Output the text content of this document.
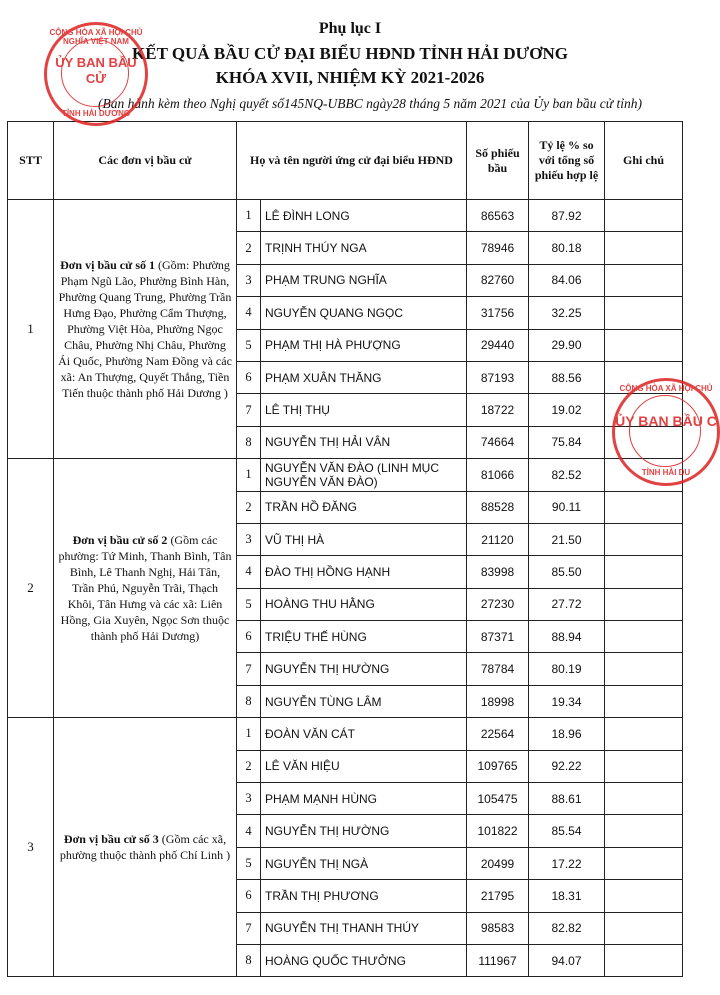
Phụ lục I
KẾT QUẢ BẦU CỬ ĐẠI BIỂU HĐND TỈNH HẢI DƯƠNG
KHÓA XVII, NHIỆM KỲ 2021-2026
(Ban hành kèm theo Nghị quyết số145NQ-UBBC ngày28 tháng 5 năm 2021 của Ủy ban bầu cử tỉnh)
STT	Các đơn vị bầu cử	Họ và tên người ứng cử đại biểu HĐND		Số phiếu bầu	Tỷ lệ % so với tổng số phiếu hợp lệ	Ghi chú
1	Đơn vị bầu cử số 1 (Gồm: Phường Phạm Ngũ Lão, Phường Bình Hàn, Phường Quang Trung, Phường Trần Hưng Đạo, Phường Cẩm Thượng, Phường Việt Hòa, Phường Ngọc Châu, Phường Nhị Châu, Phường Ái Quốc, Phường Nam Đồng và các xã: An Thượng, Quyết Thắng, Tiền Tiến thuộc thành phố Hải Dương )	1	LÊ ĐÌNH LONG	86563	87.92	
		2	TRỊNH THÚY NGA	78946	80.18	
		3	PHẠM TRUNG NGHĨA	82760	84.06	
		4	NGUYỄN QUANG NGỌC	31756	32.25	
		5	PHẠM THỊ HÀ PHƯỢNG	29440	29.90	
		6	PHẠM XUÂN THĂNG	87193	88.56	
		7	LÊ THỊ THỤ	18722	19.02	
		8	NGUYỄN THỊ HẢI VÂN	74664	75.84	
2	Đơn vị bầu cử số 2 (Gồm các phường: Tứ Minh, Thanh Bình, Tân Bình, Lê Thanh Nghị, Hải Tân, Trần Phú, Nguyễn Trãi, Thạch Khôi, Tân Hưng và các xã: Liên Hồng, Gia Xuyên, Ngọc Sơn thuộc thành phố Hải Dương)	1	NGUYỄN VĂN ĐÀO (LINH MỤC NGUYỄN VĂN ĐÀO)	81066	82.52	
		2	TRẦN HỒ ĐĂNG	88528	90.11	
		3	VŨ THỊ HÀ	21120	21.50	
		4	ĐÀO THỊ HỒNG HẠNH	83998	85.50	
		5	HOÀNG THU HẰNG	27230	27.72	
		6	TRIỆU THẾ HÙNG	87371	88.94	
		7	NGUYỄN THỊ HƯỜNG	78784	80.19	
		8	NGUYỄN TÙNG LÂM	18998	19.34	
3	Đơn vị bầu cử số 3 (Gồm các xã, phường thuộc thành phố Chí Linh )	1	ĐOÀN VĂN CÁT	22564	18.96	
		2	LÊ VĂN HIỆU	109765	92.22	
		3	PHẠM MẠNH HÙNG	105475	88.61	
		4	NGUYỄN THỊ HƯỜNG	101822	85.54	
		5	NGUYỄN THỊ NGÀ	20499	17.22	
		6	TRẦN THỊ PHƯƠNG	21795	18.31	
		7	NGUYỄN THỊ THANH THÚY	98583	82.82	
		8	HOÀNG QUỐC THƯỞNG	111967	94.07	
CỘNG HÒA XÃ HỘI CHỦ NGHĨA VIỆT NAM
ỦY BAN BẦU CỬ
TỈNH HẢI DƯƠNG
CỘNG HÒA XÃ HỘI CHỦ
ỦY BAN BẦU C
TỈNH HẢI DU
